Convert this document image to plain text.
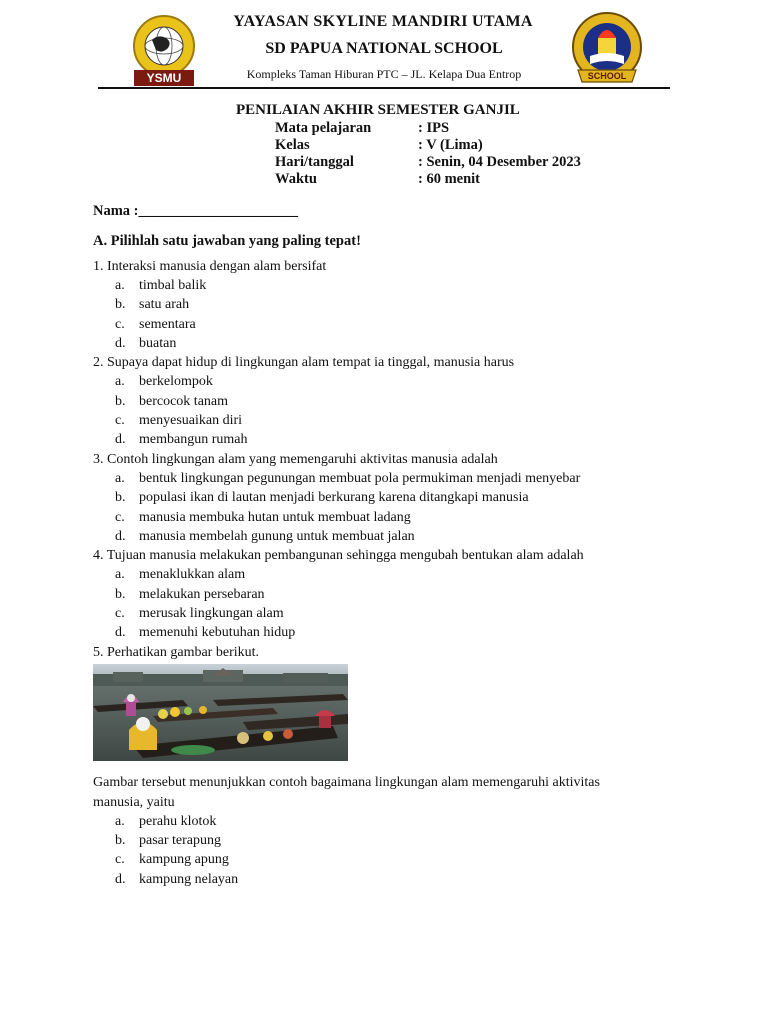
YSMU
YAYASAN SKYLINE MANDIRI UTAMA
SD PAPUA NATIONAL SCHOOL
Kompleks Taman Hiburan PTC – JL. Kelapa Dua Entrop	SCHOOL
PENILAIAN AKHIR SEMESTER GANJIL
Mata pelajaran	: IPS
Kelas	: V (Lima)
Hari/tanggal	: Senin, 04 Desember 2023
Waktu	: 60 menit
Nama :______________________
A. Pilihlah satu jawaban yang paling tepat!
1. Interaksi manusia dengan alam bersifat
a. timbal balik
b. satu arah
c. sementara
d. buatan
2. Supaya dapat hidup di lingkungan alam tempat ia tinggal, manusia harus
a. berkelompok
b. bercocok tanam
c. menyesuaikan diri
d. membangun rumah
3. Contoh lingkungan alam yang memengaruhi aktivitas manusia adalah
a. bentuk lingkungan pegunungan membuat pola permukiman menjadi menyebar
b. populasi ikan di lautan menjadi berkurang karena ditangkapi manusia
c. manusia membuka hutan untuk membuat ladang
d. manusia membelah gunung untuk membuat jalan
4. Tujuan manusia melakukan pembangunan sehingga mengubah bentukan alam adalah
a. menaklukkan alam
b. melakukan persebaran
c. merusak lingkungan alam
d. memenuhi kebutuhan hidup
5. Perhatikan gambar berikut.
Gambar tersebut menunjukkan contoh bagaimana lingkungan alam memengaruhi aktivitas
manusia, yaitu
a. perahu klotok
b. pasar terapung
c. kampung apung
d. kampung nelayan
